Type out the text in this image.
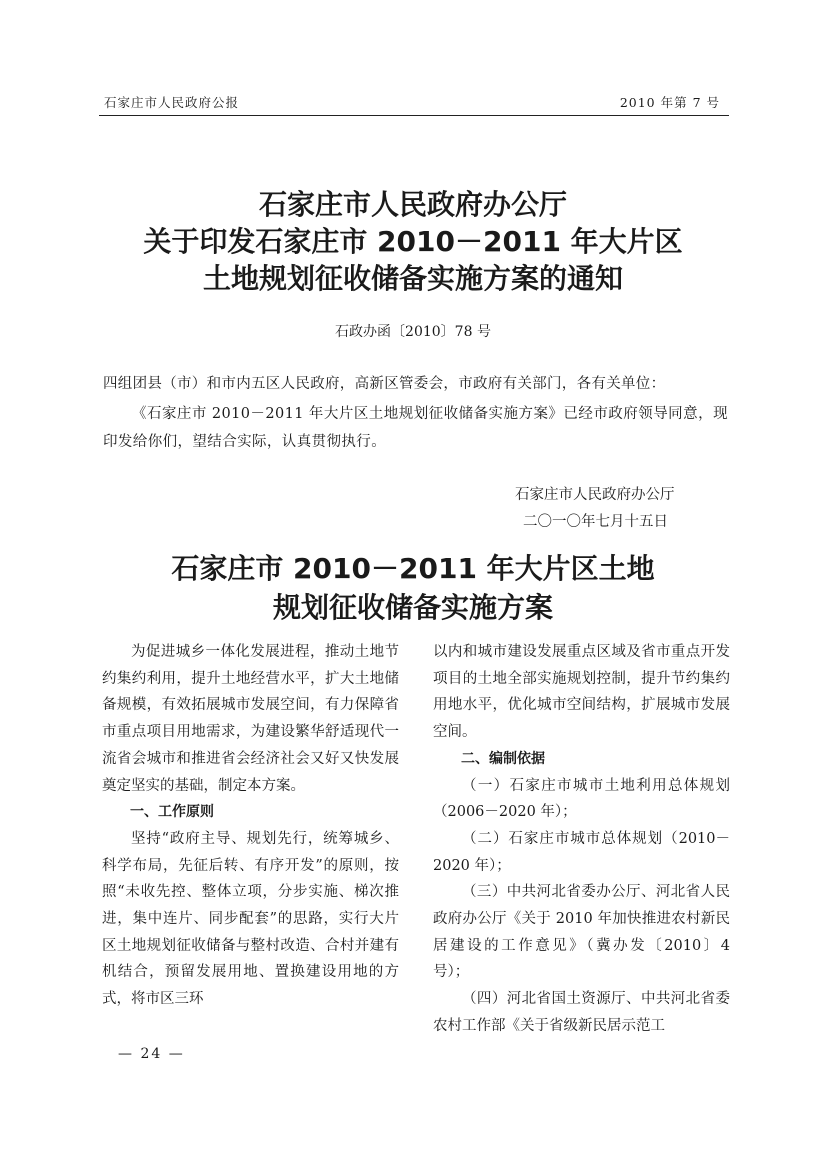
石家庄市人民政府公报	2010 年第 7 号
石家庄市人民政府办公厅
关于印发石家庄市 2010－2011 年大片区
土地规划征收储备实施方案的通知
石政办函〔2010〕78 号
四组团县（市）和市内五区人民政府，高新区管委会，市政府有关部门，各有关单位：
《石家庄市 2010－2011 年大片区土地规划征收储备实施方案》已经市政府领导同意，现印发给你们，望结合实际，认真贯彻执行。
石家庄市人民政府办公厅
二〇一〇年七月十五日
石家庄市 2010－2011 年大片区土地
规划征收储备实施方案

为促进城乡一体化发展进程，推动土地节约集约利用，提升土地经营水平，扩大土地储备规模，有效拓展城市发展空间，有力保障省市重点项目用地需求，为建设繁华舒适现代一流省会城市和推进省会经济社会又好又快发展奠定坚实的基础，制定本方案。

一、工作原则

坚持“政府主导、规划先行，统筹城乡、科学布局，先征后转、有序开发”的原则，按照“未收先控、整体立项，分步实施、梯次推进，集中连片、同步配套”的思路，实行大片区土地规划征收储备与整村改造、合村并建有机结合，预留发展用地、置换建设用地的方式，将市区三环

以内和城市建设发展重点区域及省市重点开发项目的土地全部实施规划控制，提升节约集约用地水平，优化城市空间结构，扩展城市发展空间。

二、编制依据

（一）石家庄市城市土地利用总体规划（2006－2020 年）；

（二）石家庄市城市总体规划（2010－2020 年）；

（三）中共河北省委办公厅、河北省人民政府办公厅《关于 2010 年加快推进农村新民居建设的工作意见》（冀办发〔2010〕4 号）；

（四）河北省国土资源厅、中共河北省委农村工作部《关于省级新民居示范工

— 24 —
